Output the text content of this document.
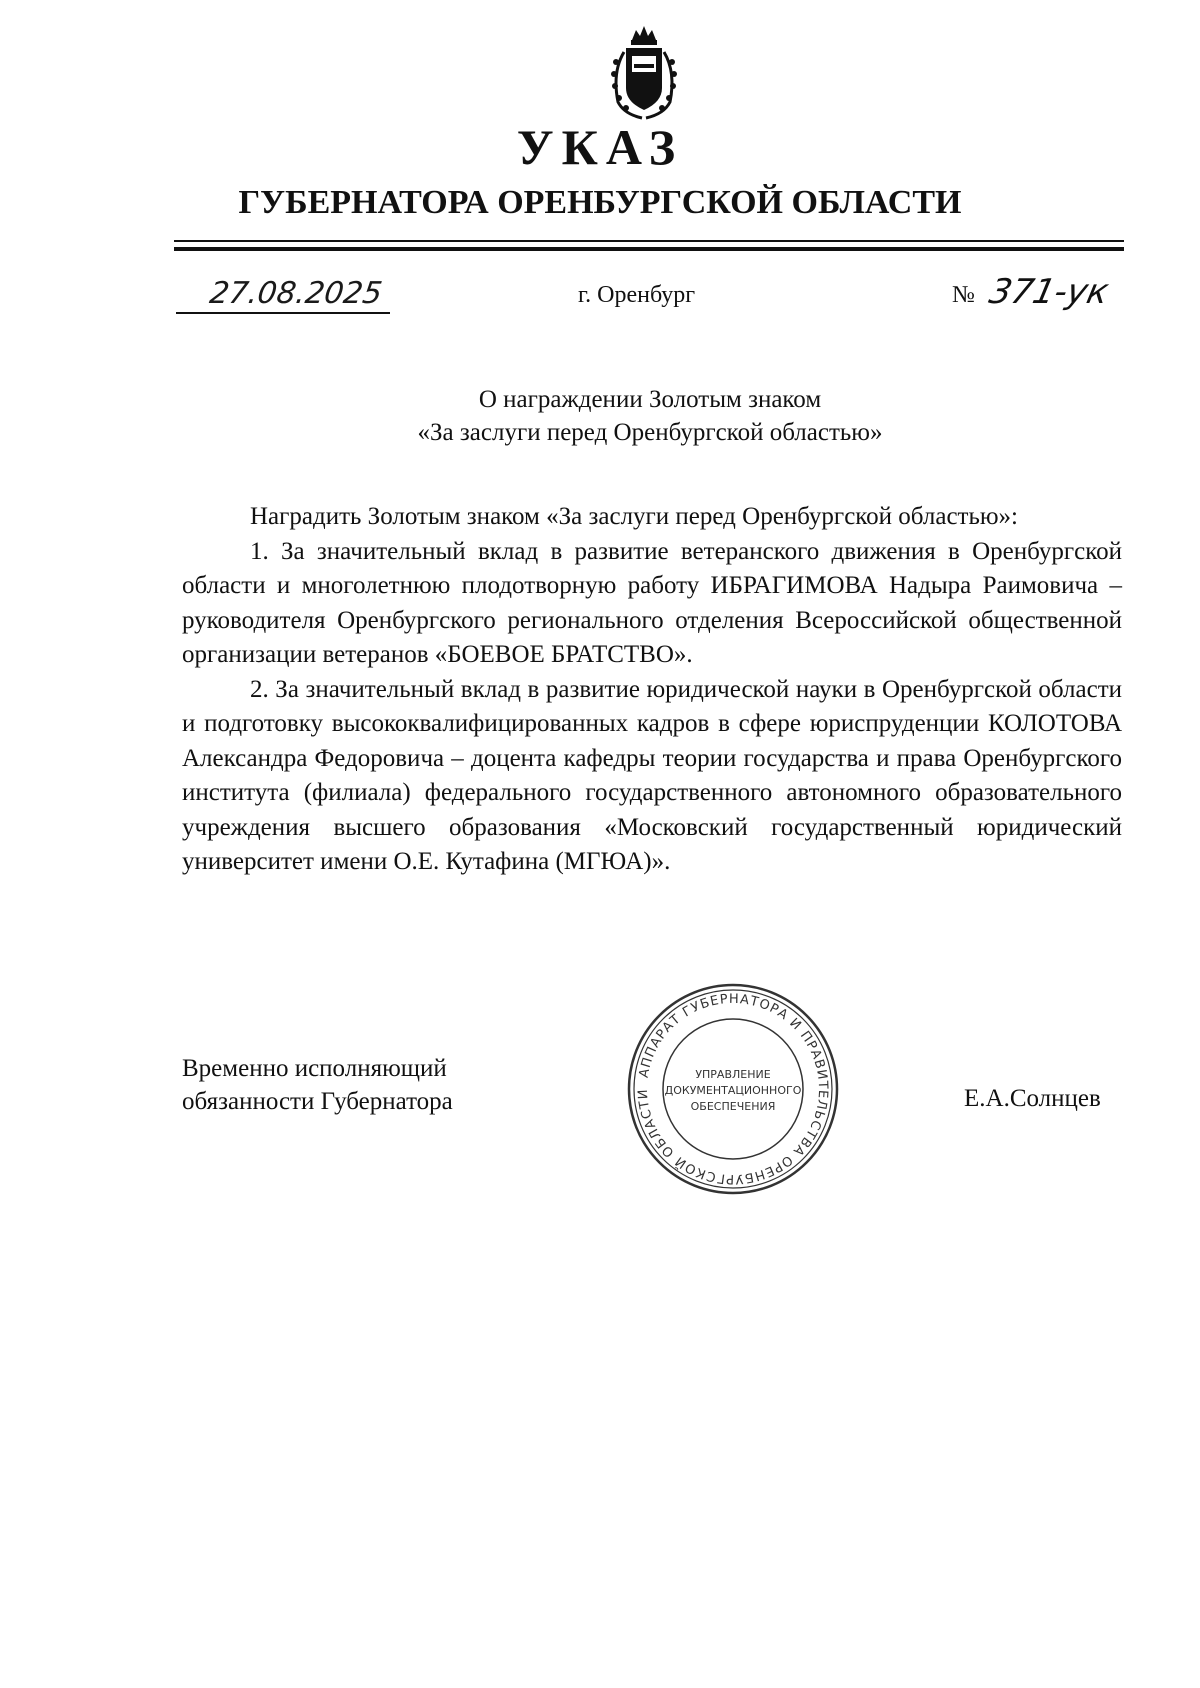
УКАЗ
ГУБЕРНАТОРА ОРЕНБУРГСКОЙ ОБЛАСТИ
27.08.2025	г. Оренбург	№ 371-ук
О награждении Золотым знаком
«За заслуги перед Оренбургской областью»

Наградить Золотым знаком «За заслуги перед Оренбургской областью»:

1. За значительный вклад в развитие ветеранского движения в Оренбургской области и многолетнюю плодотворную работу ИБРАГИМОВА Надыра Раимовича – руководителя Оренбургского регионального отделения Всероссийской общественной организации ветеранов «БОЕВОЕ БРАТСТВО».

2. За значительный вклад в развитие юридической науки в Оренбургской области и подготовку высококвалифицированных кадров в сфере юриспруденции КОЛОТОВА Александра Федоровича – доцента кафедры теории государства и права Оренбургского института (филиала) федерального государственного автономного образовательного учреждения высшего образования «Московский государственный юридический университет имени О.Е. Кутафина (МГЮА)».

Временно исполняющий
обязанности Губернатора	Е.А.Солнцев
АППАРАТ ГУБЕРНАТОРА И ПРАВИТЕЛЬСТВА ОРЕНБУРГСКОЙ ОБЛАСТИ
УПРАВЛЕНИЕ
ДОКУМЕНТАЦИОННОГО
ОБЕСПЕЧЕНИЯ
